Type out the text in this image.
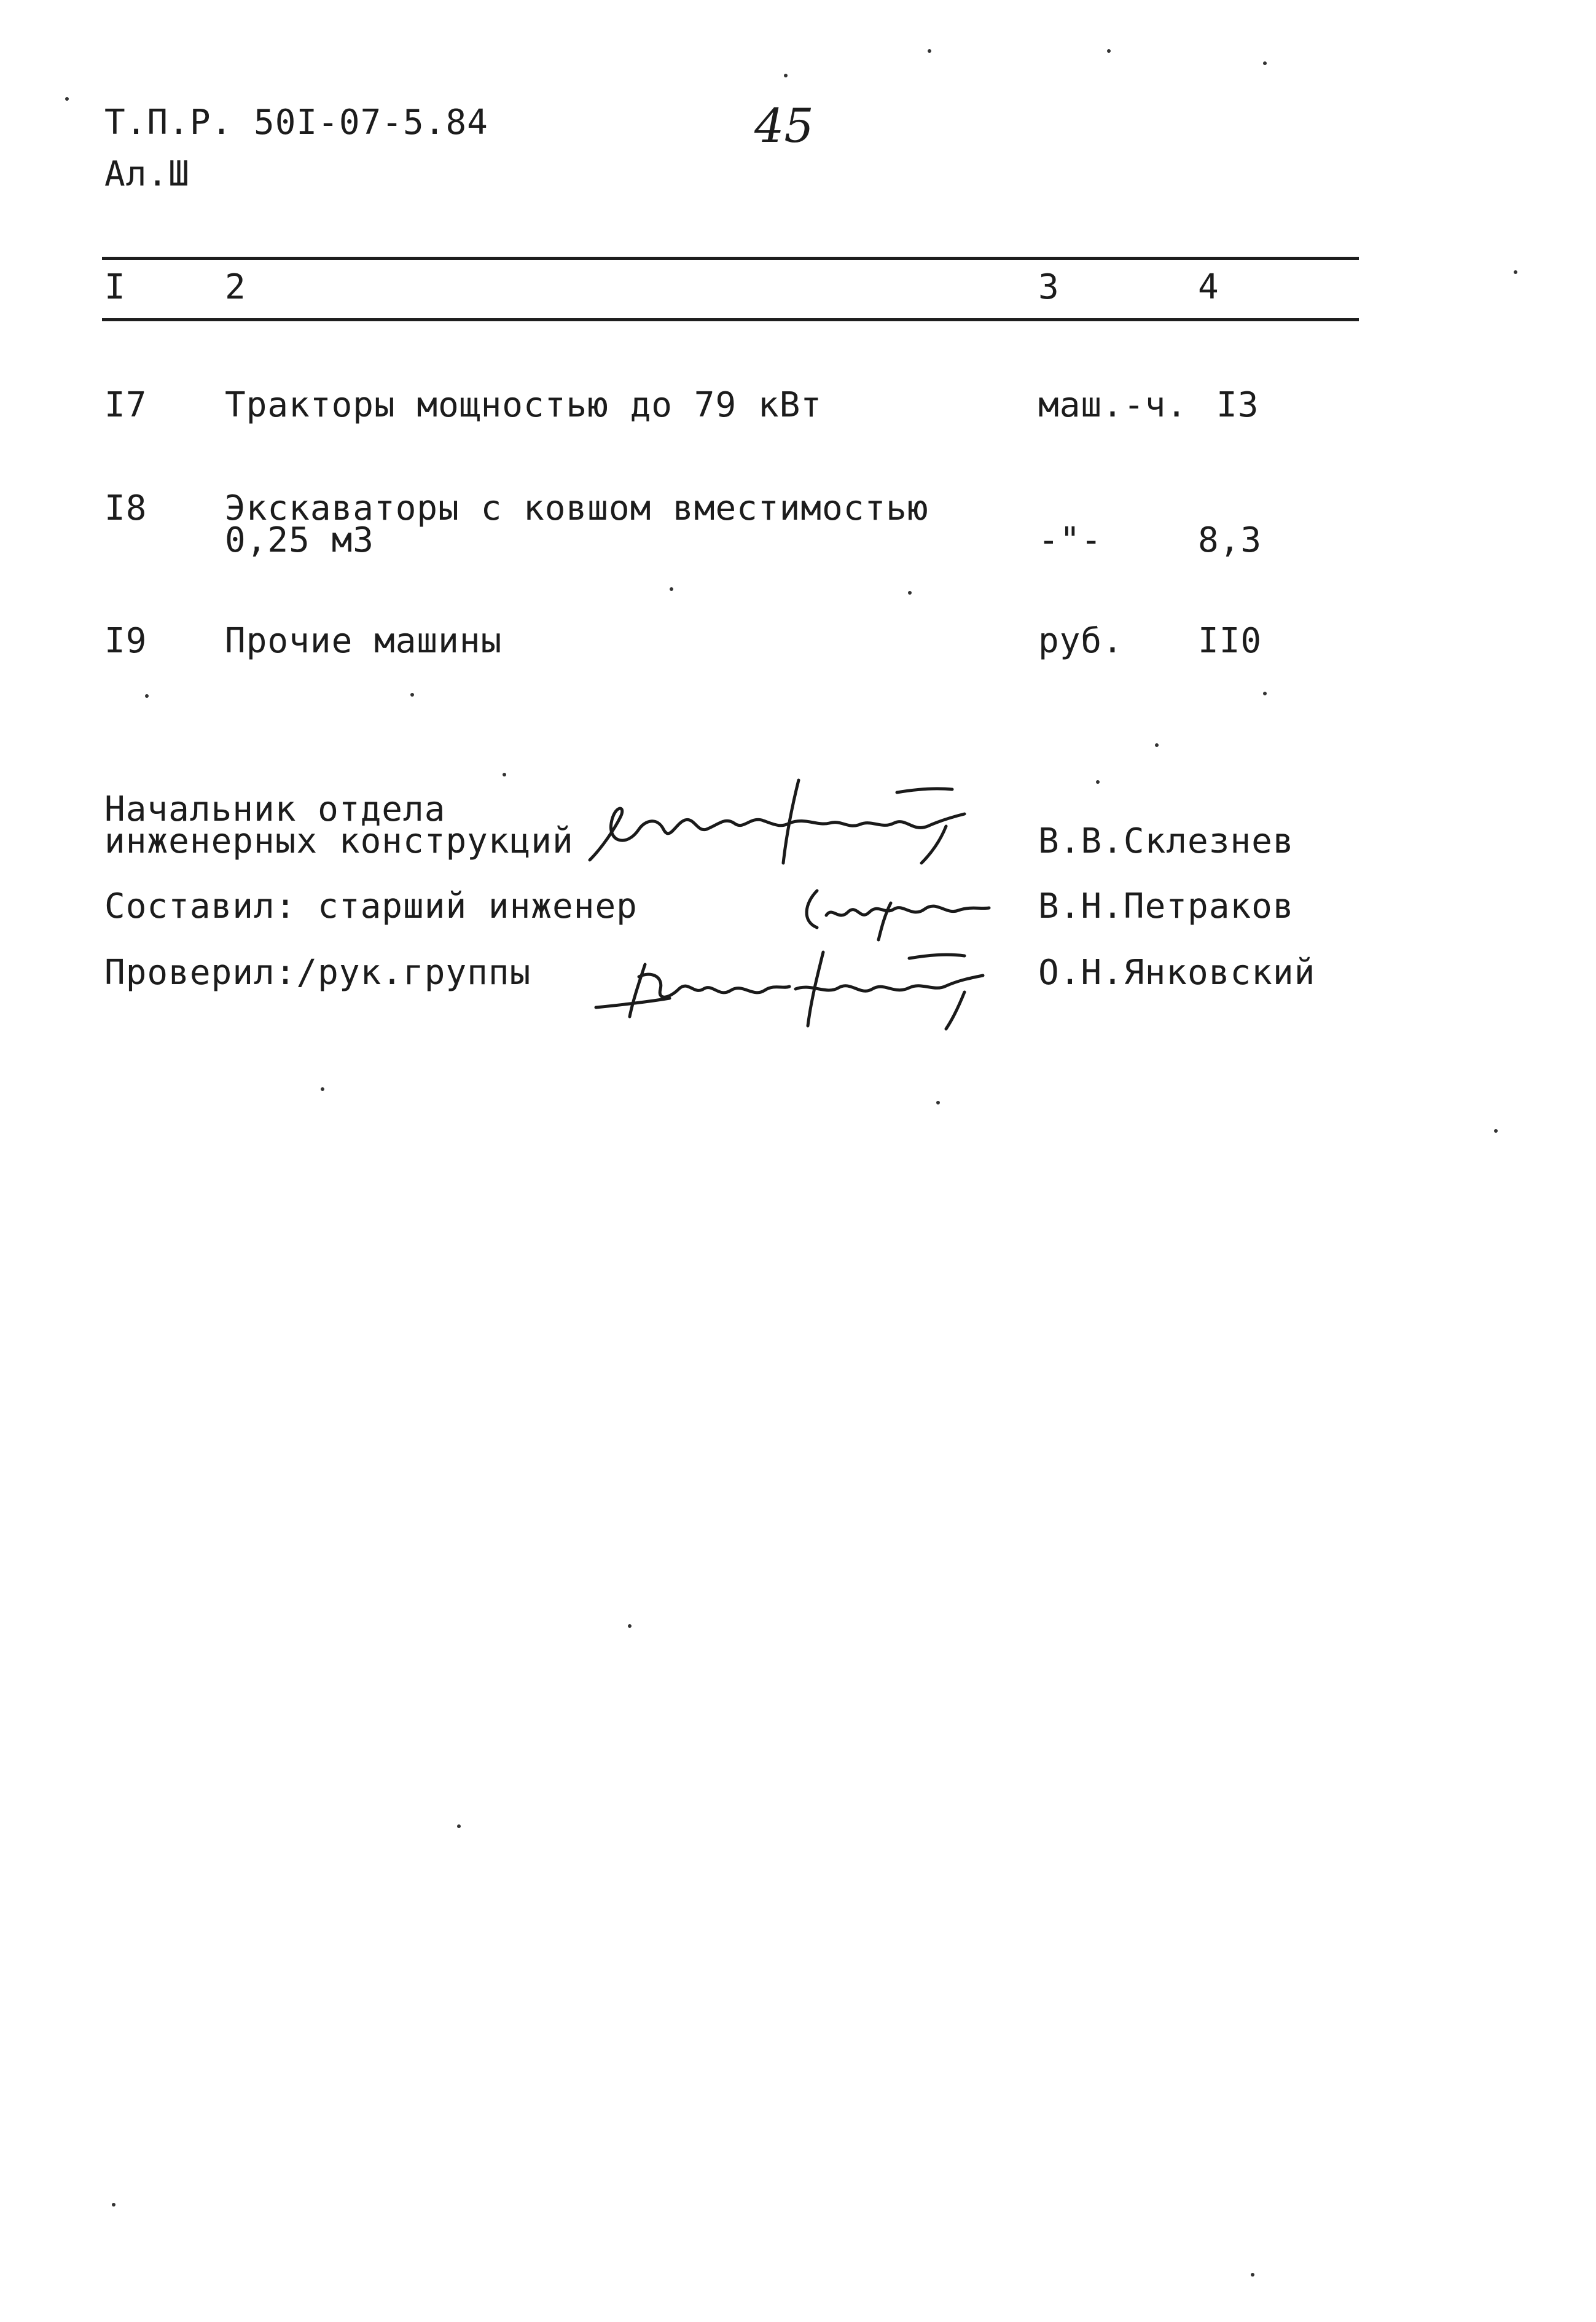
Т.П.Р. 50I-07-5.84
Ал.Ш
45
I	2	3	4
I7 Тракторы мощностью до 79 кВт	маш.-ч. I3
I8 Экскаваторы с ковшом вместимостью
0,25 м3	-"-	8,3
I9 Прочие машины	руб. II0
Начальник отдела
инженерных конструкций	В.В.Склезнев
Составил: старший инженер	В.Н.Петраков
Проверил:/рук.группы	О.Н.Янковский
